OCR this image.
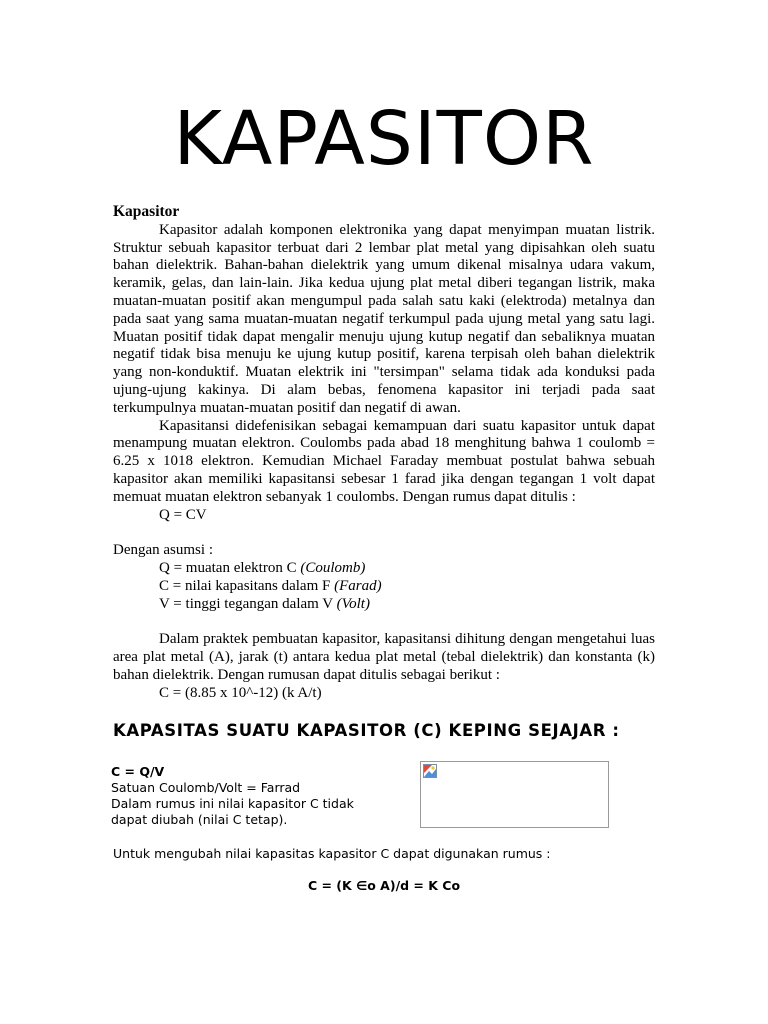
KAPASITOR
Kapasitor

Kapasitor adalah komponen elektronika yang dapat menyimpan muatan listrik. Struktur sebuah kapasitor terbuat dari 2 lembar plat metal yang dipisahkan oleh suatu bahan dielektrik. Bahan-bahan dielektrik yang umum dikenal misalnya udara vakum, keramik, gelas, dan lain-lain. Jika kedua ujung plat metal diberi tegangan listrik, maka muatan-muatan positif akan mengumpul pada salah satu kaki (elektroda) metalnya dan pada saat yang sama muatan-muatan negatif terkumpul pada ujung metal yang satu lagi. Muatan positif tidak dapat mengalir menuju ujung kutup negatif dan sebaliknya muatan negatif tidak bisa menuju ke ujung kutup positif, karena terpisah oleh bahan dielektrik yang non-konduktif. Muatan elektrik ini "tersimpan" selama tidak ada konduksi pada ujung-ujung kakinya. Di alam bebas, fenomena kapasitor ini terjadi pada saat terkumpulnya muatan-muatan positif dan negatif di awan.

Kapasitansi didefenisikan sebagai kemampuan dari suatu kapasitor untuk dapat menampung muatan elektron. Coulombs pada abad 18 menghitung bahwa 1 coulomb = 6.25 x 1018 elektron. Kemudian Michael Faraday membuat postulat bahwa sebuah kapasitor akan memiliki kapasitansi sebesar 1 farad jika dengan tegangan 1 volt dapat memuat muatan elektron sebanyak 1 coulombs. Dengan rumus dapat ditulis :

Q = CV
Dengan asumsi :
Q = muatan elektron C (Coulomb)
C = nilai kapasitans dalam F (Farad)
V = tinggi tegangan dalam V (Volt)

Dalam praktek pembuatan kapasitor, kapasitansi dihitung dengan mengetahui luas area plat metal (A), jarak (t) antara kedua plat metal (tebal dielektrik) dan konstanta (k) bahan dielektrik. Dengan rumusan dapat ditulis sebagai berikut :

C = (8.85 x 10^-12) (k A/t)
KAPASITAS SUATU KAPASITOR (C) KEPING SEJAJAR :
C = Q/V
Satuan Coulomb/Volt = Farrad
Dalam rumus ini nilai kapasitor C tidak
dapat diubah (nilai C tetap).
Untuk mengubah nilai kapasitas kapasitor C dapat digunakan rumus :
C = (K ∈o A)/d = K Co
